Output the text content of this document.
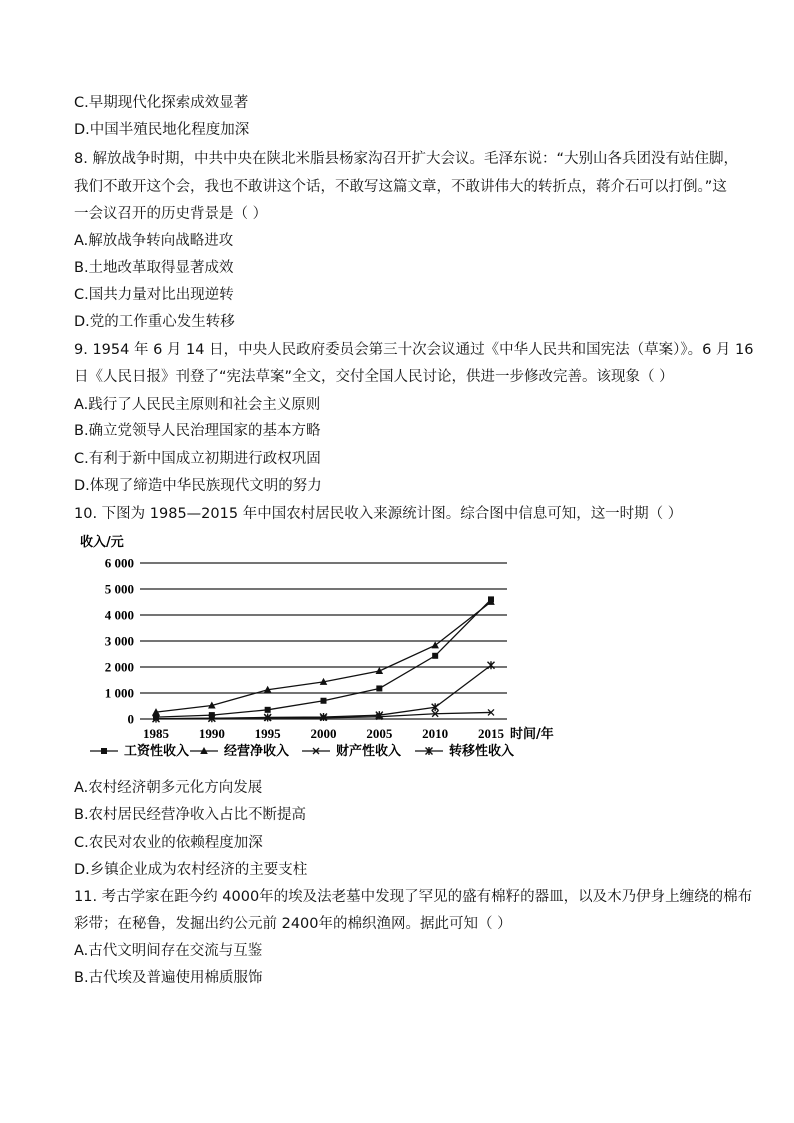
C.早期现代化探索成效显著
D.中国半殖民地化程度加深
8. 解放战争时期，中共中央在陕北米脂县杨家沟召开扩大会议。毛泽东说：“大别山各兵团没有站住脚，
我们不敢开这个会，我也不敢讲这个话，不敢写这篇文章，不敢讲伟大的转折点，蒋介石可以打倒。”这
一会议召开的历史背景是（ ）
A.解放战争转向战略进攻
B.土地改革取得显著成效
C.国共力量对比出现逆转
D.党的工作重心发生转移
9. 1954 年 6 月 14 日，中央人民政府委员会第三十次会议通过《中华人民共和国宪法（草案）》。6 月 16
日《人民日报》刊登了“宪法草案”全文，交付全国人民讨论，供进一步修改完善。该现象（ ）
A.践行了人民民主原则和社会主义原则
B.确立党领导人民治理国家的基本方略
C.有利于新中国成立初期进行政权巩固
D.体现了缔造中华民族现代文明的努力
10. 下图为 1985—2015 年中国农村居民收入来源统计图。综合图中信息可知，这一时期（ ）
收入/元
0
1 000
2 000
3 000
4 000
5 000
6 000
1985 1990 1995 2000 2005 2010 2015 时间/年
工资性收入	经营净收入	财产性收入	转移性收入
A.农村经济朝多元化方向发展
B.农村居民经营净收入占比不断提高
C.农民对农业的依赖程度加深
D.乡镇企业成为农村经济的主要支柱
11. 考古学家在距今约 4000年的埃及法老墓中发现了罕见的盛有棉籽的器皿，以及木乃伊身上缠绕的棉布
彩带；在秘鲁，发掘出约公元前 2400年的棉织渔网。据此可知（ ）
A.古代文明间存在交流与互鉴
B.古代埃及普遍使用棉质服饰
